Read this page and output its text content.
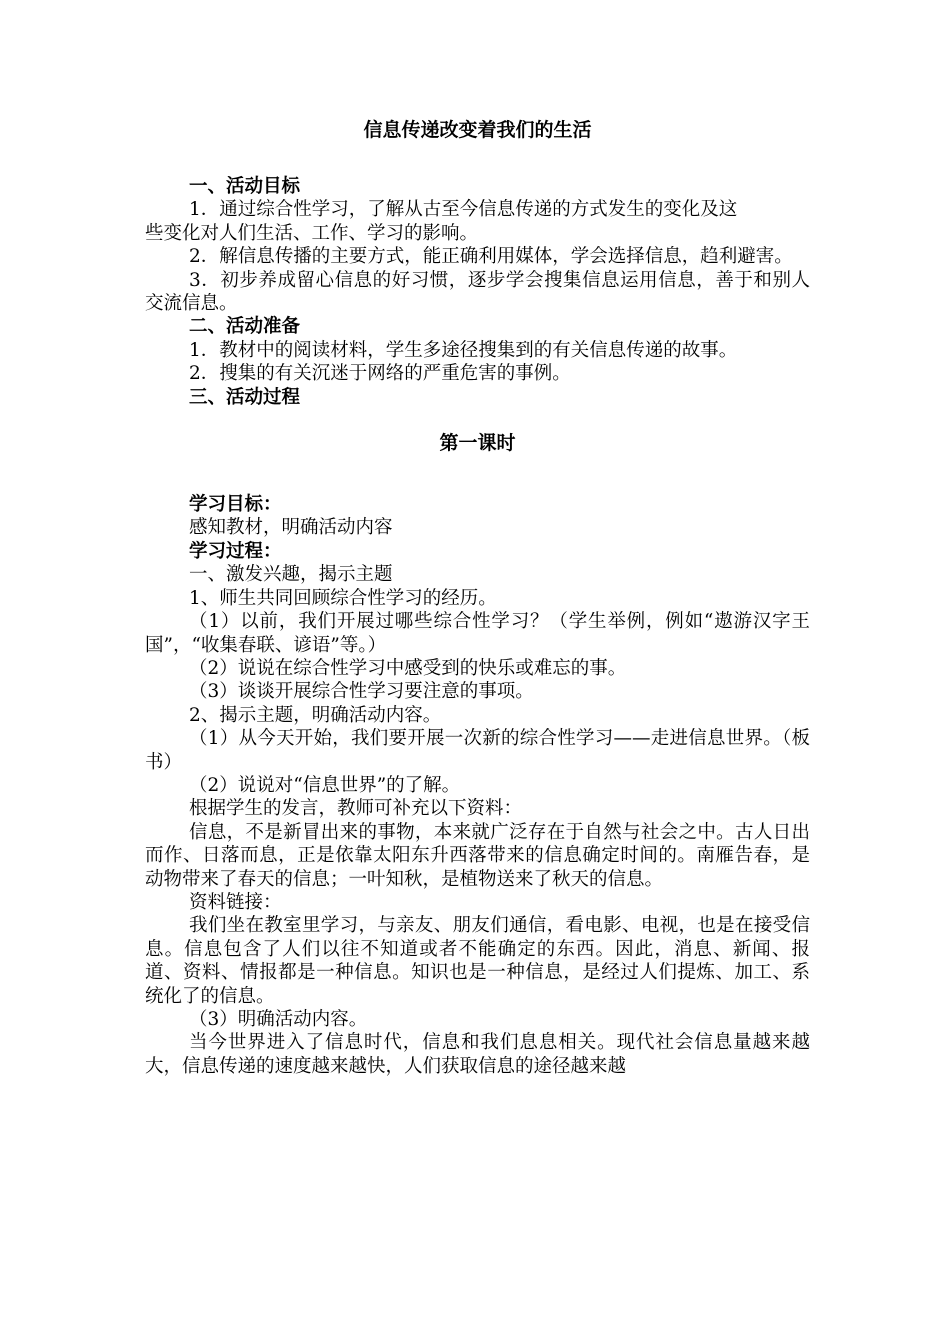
信息传递改变着我们的生活
一、活动目标
1．通过综合性学习，了解从古至今信息传递的方式发生的变化及这
些变化对人们生活、工作、学习的影响。
2．解信息传播的主要方式，能正确利用媒体，学会选择信息，趋利避害。
3．初步养成留心信息的好习惯，逐步学会搜集信息运用信息，善于和别人交流信息。
二、活动准备
1．教材中的阅读材料，学生多途径搜集到的有关信息传递的故事。
2．搜集的有关沉迷于网络的严重危害的事例。
三、活动过程
第一课时
学习目标：
感知教材，明确活动内容
学习过程：
一、激发兴趣，揭示主题
1、师生共同回顾综合性学习的经历。
（1）以前，我们开展过哪些综合性学习？（学生举例，例如“遨游汉字王国”，“收集春联、谚语”等。）
（2）说说在综合性学习中感受到的快乐或难忘的事。
（3）谈谈开展综合性学习要注意的事项。
2、揭示主题，明确活动内容。
（1）从今天开始，我们要开展一次新的综合性学习——走进信息世界。（板书）
（2）说说对“信息世界”的了解。
根据学生的发言，教师可补充以下资料：
信息，不是新冒出来的事物，本来就广泛存在于自然与社会之中。古人日出而作、日落而息，正是依靠太阳东升西落带来的信息确定时间的。南雁告春，是动物带来了春天的信息；一叶知秋，是植物送来了秋天的信息。
资料链接：
我们坐在教室里学习，与亲友、朋友们通信，看电影、电视，也是在接受信息。信息包含了人们以往不知道或者不能确定的东西。因此，消息、新闻、报道、资料、情报都是一种信息。知识也是一种信息，是经过人们提炼、加工、系统化了的信息。
（3）明确活动内容。
当今世界进入了信息时代，信息和我们息息相关。现代社会信息量越来越大，信息传递的速度越来越快，人们获取信息的途径越来越
